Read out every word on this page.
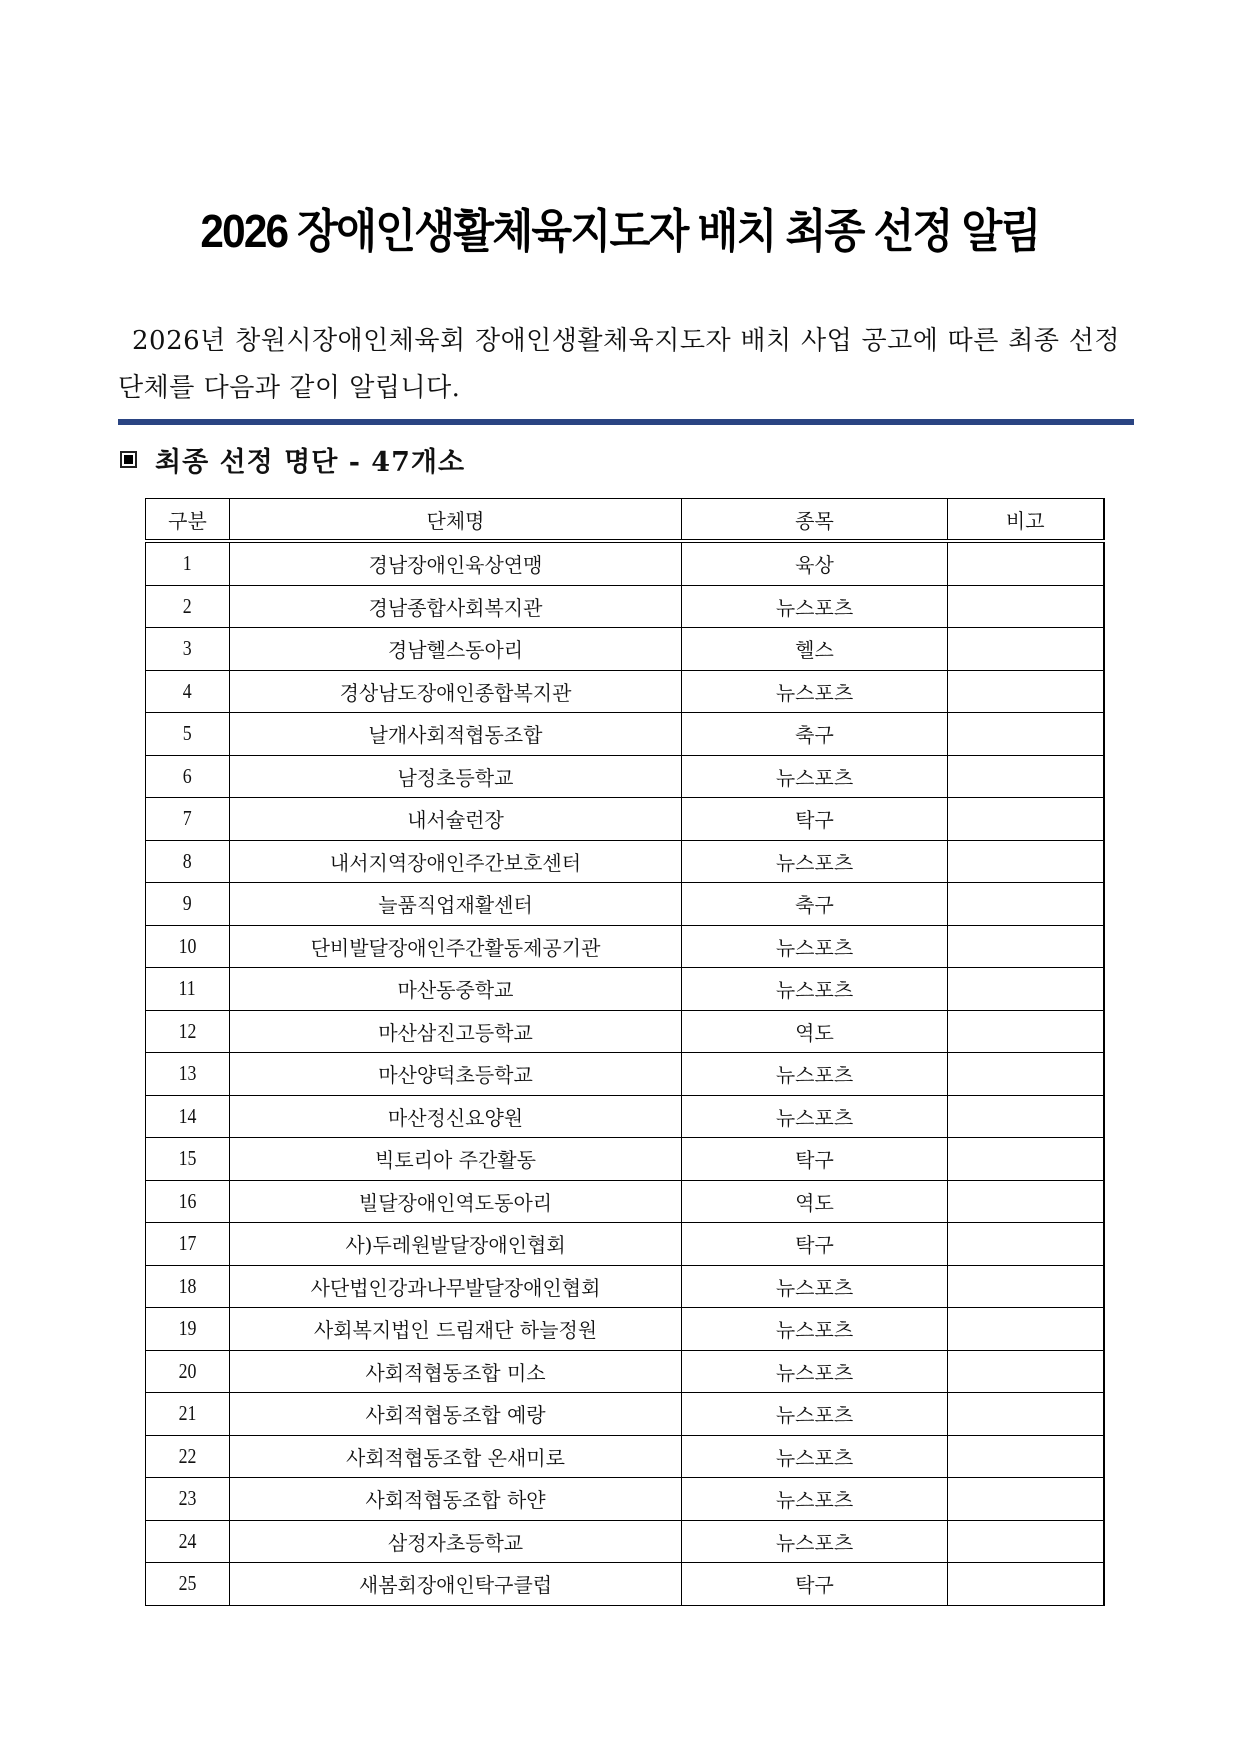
2026 장애인생활체육지도자 배치 최종 선정 알림

2026년 창원시장애인체육회 장애인생활체육지도자 배치 사업 공고에 따른 최종 선정 단체를 다음과 같이 알립니다.

최종 선정 명단 - 47개소
구분	단체명	종목	비고
1	경남장애인육상연맹	육상	
2	경남종합사회복지관	뉴스포츠	
3	경남헬스동아리	헬스	
4	경상남도장애인종합복지관	뉴스포츠	
5	날개사회적협동조합	축구	
6	남정초등학교	뉴스포츠	
7	내서슐런장	탁구	
8	내서지역장애인주간보호센터	뉴스포츠	
9	늘품직업재활센터	축구	
10	단비발달장애인주간활동제공기관	뉴스포츠	
11	마산동중학교	뉴스포츠	
12	마산삼진고등학교	역도	
13	마산양덕초등학교	뉴스포츠	
14	마산정신요양원	뉴스포츠	
15	빅토리아 주간활동	탁구	
16	빌달장애인역도동아리	역도	
17	사)두레원발달장애인협회	탁구	
18	사단법인강과나무발달장애인협회	뉴스포츠	
19	사회복지법인 드림재단 하늘정원	뉴스포츠	
20	사회적협동조합 미소	뉴스포츠	
21	사회적협동조합 예랑	뉴스포츠	
22	사회적협동조합 온새미로	뉴스포츠	
23	사회적협동조합 하얀	뉴스포츠	
24	삼정자초등학교	뉴스포츠	
25	새봄회장애인탁구클럽	탁구	
